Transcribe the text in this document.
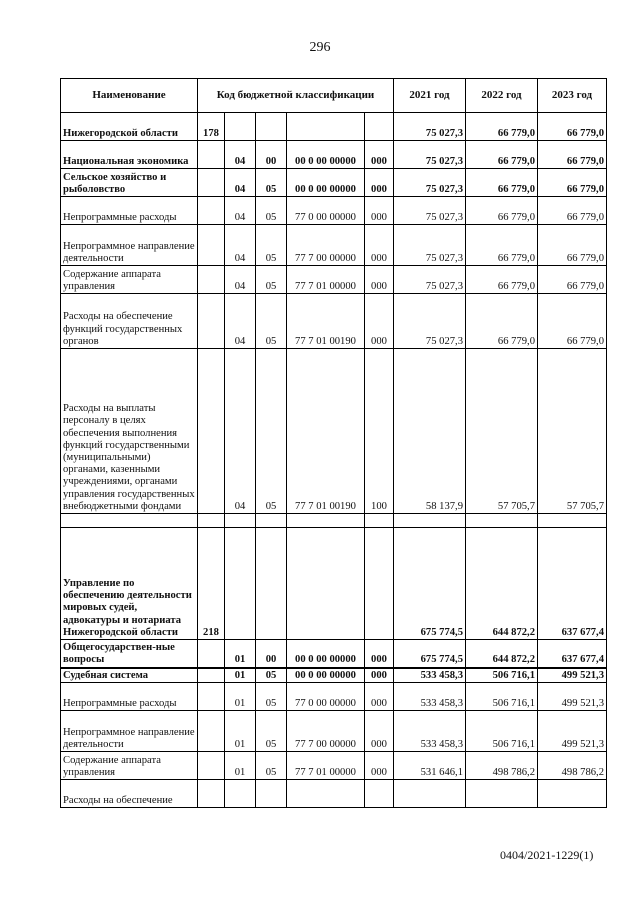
296
Наименование	Код бюджетной классификации					2021 год	2022 год	2023 год
Нижегородской области	178					75 027,3	66 779,0	66 779,0
Национальная экономика		04	00	00 0 00 00000	000	75 027,3	66 779,0	66 779,0
Сельское хозяйство и рыболовство		04	05	00 0 00 00000	000	75 027,3	66 779,0	66 779,0
Непрограммные расходы		04	05	77 0 00 00000	000	75 027,3	66 779,0	66 779,0
Непрограммное направление деятельности		04	05	77 7 00 00000	000	75 027,3	66 779,0	66 779,0
Содержание аппарата управления		04	05	77 7 01 00000	000	75 027,3	66 779,0	66 779,0
Расходы на обеспечение функций государственных органов		04	05	77 7 01 00190	000	75 027,3	66 779,0	66 779,0
Расходы на выплаты персоналу в целях обеспечения выполнения функций государственными (муниципальными) органами, казенными учреждениями, органами управления государственных внебюджетными фондами		04	05	77 7 01 00190	100	58 137,9	57 705,7	57 705,7

Управление по обеспечению деятельности мировых судей, адвокатуры и нотариата Нижегородской области	218					675 774,5	644 872,2	637 677,4
Общегосударствен-ные вопросы		01	00	00 0 00 00000	000	675 774,5	644 872,2	637 677,4
Судебная система		01	05	00 0 00 00000	000	533 458,3	506 716,1	499 521,3
Непрограммные расходы		01	05	77 0 00 00000	000	533 458,3	506 716,1	499 521,3
Непрограммное направление деятельности		01	05	77 7 00 00000	000	533 458,3	506 716,1	499 521,3
Содержание аппарата управления		01	05	77 7 01 00000	000	531 646,1	498 786,2	498 786,2
Расходы на обеспечение								
0404/2021-1229(1)
